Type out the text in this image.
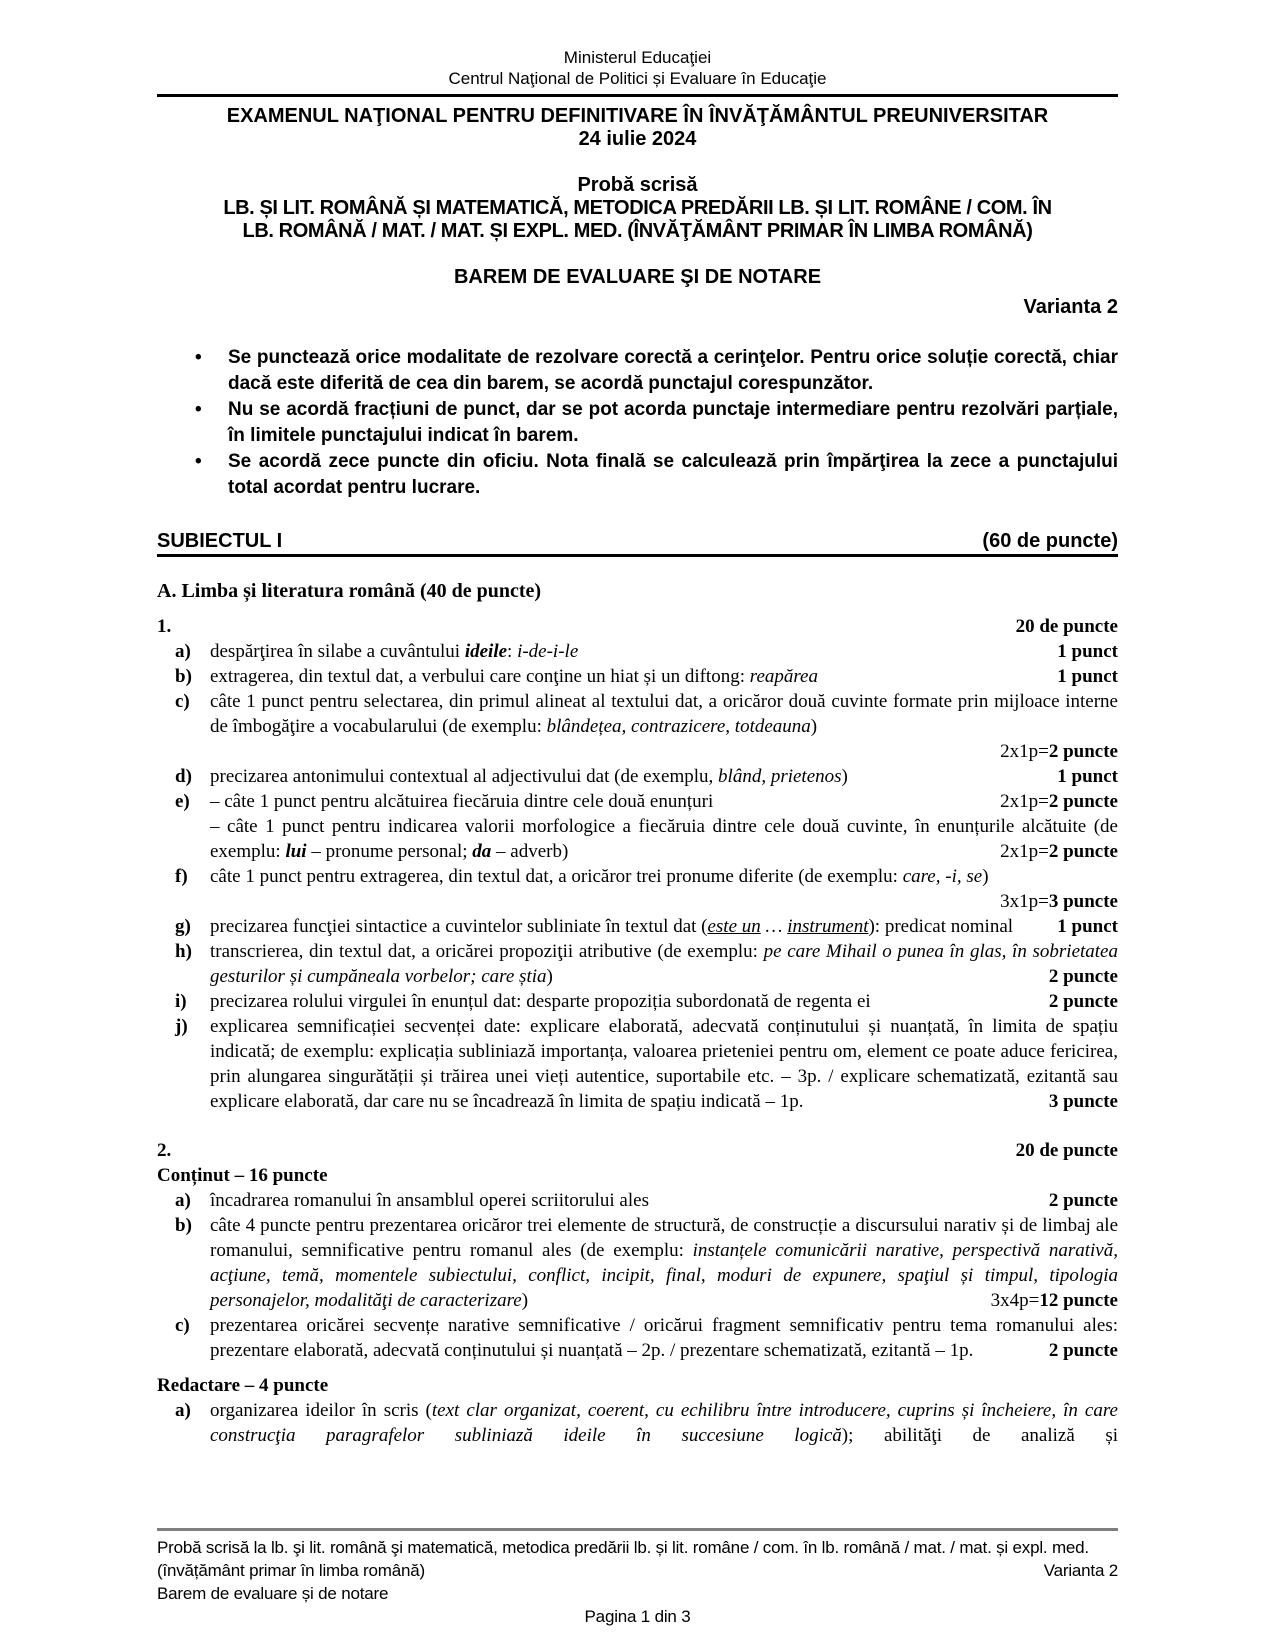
Ministerul Educaţiei
Centrul Naţional de Politici și Evaluare în Educaţie
EXAMENUL NAŢIONAL PENTRU DEFINITIVARE ÎN ÎNVĂŢĂMÂNTUL PREUNIVERSITAR
24 iulie 2024
Probă scrisă
LB. ȘI LIT. ROMÂNĂ ȘI MATEMATICĂ, METODICA PREDĂRII LB. ȘI LIT. ROMÂNE / COM. ÎN
LB. ROMÂNĂ / MAT. / MAT. ȘI EXPL. MED. (ÎNVĂŢĂMÂNT PRIMAR ÎN LIMBA ROMÂNĂ)
BAREM DE EVALUARE ŞI DE NOTARE
Varianta 2
• Se punctează orice modalitate de rezolvare corectă a cerinţelor. Pentru orice soluție corectă, chiar dacă este diferită de cea din barem, se acordă punctajul corespunzător.
• Nu se acordă fracțiuni de punct, dar se pot acorda punctaje intermediare pentru rezolvări parțiale, în limitele punctajului indicat în barem.
• Se acordă zece puncte din oficiu. Nota finală se calculează prin împărţirea la zece a punctajului total acordat pentru lucrare.
SUBIECTUL I	(60 de puncte)
A. Limba și literatura română (40 de puncte)
1.	20 de puncte
a) despărţirea în silabe a cuvântului ideile: i-de-i-le	1 punct
b) extragerea, din textul dat, a verbului care conţine un hiat și un diftong: reapărea	1 punct
c) câte 1 punct pentru selectarea, din primul alineat al textului dat, a oricăror două cuvinte formate prin mijloace interne de îmbogăţire a vocabularului (de exemplu: blândețea, contrazicere, totdeauna)
2x1p=2 puncte
d) precizarea antonimului contextual al adjectivului dat (de exemplu, blând, prietenos)	1 punct
e) – câte 1 punct pentru alcătuirea fiecăruia dintre cele două enunțuri	2x1p=2 puncte
– câte 1 punct pentru indicarea valorii morfologice a fiecăruia dintre cele două cuvinte, în enunțurile alcătuite (de exemplu: lui – pronume personal; da – adverb)	2x1p=2 puncte
f) câte 1 punct pentru extragerea, din textul dat, a oricăror trei pronume diferite (de exemplu: care, -i, se)
3x1p=3 puncte
g) precizarea funcţiei sintactice a cuvintelor subliniate în textul dat (este un … instrument): predicat nominal 1 punct
h) transcrierea, din textul dat, a oricărei propoziţii atributive (de exemplu: pe care Mihail o punea în glas, în sobrietatea gesturilor și cumpăneala vorbelor; care știa)	2 puncte
i) precizarea rolului virgulei în enunțul dat: desparte propoziția subordonată de regenta ei	2 puncte
j) explicarea semnificației secvenței date: explicare elaborată, adecvată conținutului și nuanțată, în limita de spațiu indicată; de exemplu: explicația subliniază importanța, valoarea prieteniei pentru om, element ce poate aduce fericirea, prin alungarea singurătății și trăirea unei vieți autentice, suportabile etc. – 3p. / explicare schematizată, ezitantă sau explicare elaborată, dar care nu se încadrează în limita de spațiu indicată – 1p.	3 puncte
2.	20 de puncte
Conținut – 16 puncte
a) încadrarea romanului în ansamblul operei scriitorului ales	2 puncte
b) câte 4 puncte pentru prezentarea oricăror trei elemente de structură, de construcție a discursului narativ și de limbaj ale romanului, semnificative pentru romanul ales (de exemplu: instanțele comunicării narative, perspectivă narativă, acţiune, temă, momentele subiectului, conflict, incipit, final, moduri de expunere, spaţiul și timpul, tipologia personajelor, modalităţi de caracterizare)	3x4p=12 puncte
c) prezentarea oricărei secvențe narative semnificative / oricărui fragment semnificativ pentru tema romanului ales: prezentare elaborată, adecvată conținutului și nuanțată – 2p. / prezentare schematizată, ezitantă – 1p.	2 puncte
Redactare – 4 puncte
a) organizarea ideilor în scris (text clar organizat, coerent, cu echilibru între introducere, cuprins și încheiere, în care construcţia paragrafelor subliniază ideile în succesiune logică); abilităţi de analiză și
Probă scrisă la lb. şi lit. română şi matematică, metodica predării lb. și lit. române / com. în lb. română / mat. / mat. și expl. med. (învățământ primar în limba română)	Varianta 2
Barem de evaluare și de notare
Pagina 1 din 3
